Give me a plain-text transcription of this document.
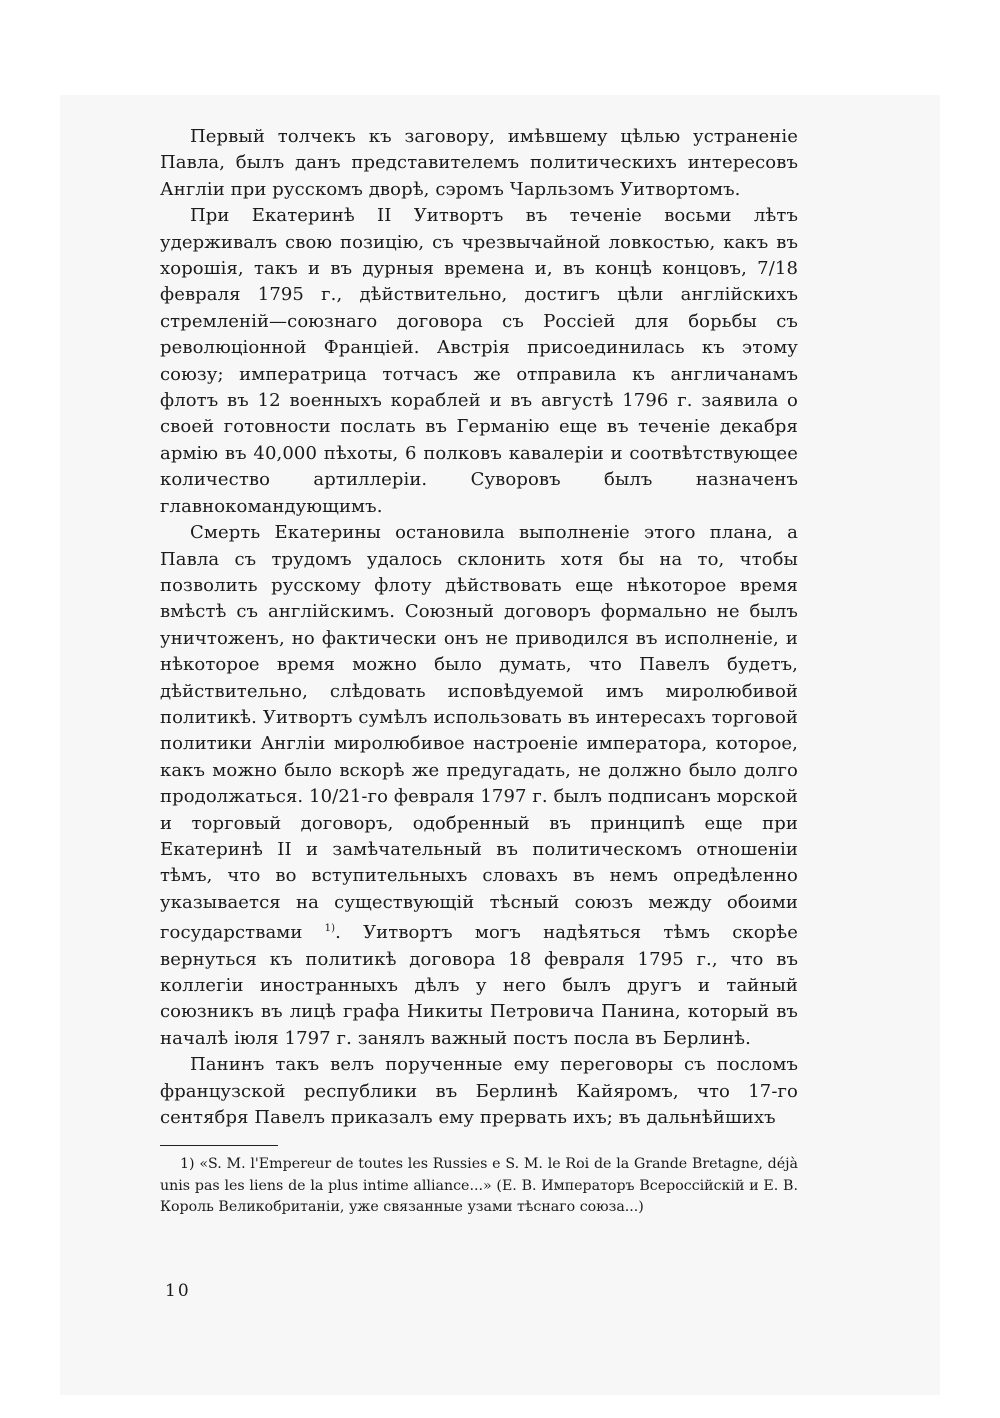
Первый толчекъ къ заговору, имѣвшему цѣлью устраненіе Павла, былъ данъ представителемъ политическихъ интересовъ Англіи при русскомъ дворѣ, сэромъ Чарльзомъ Уитвортомъ.

При Екатеринѣ II Уитвортъ въ теченіе восьми лѣтъ удерживалъ свою позицію, съ чрезвычайной ловкостью, какъ въ хорошія, такъ и въ дурныя времена и, въ концѣ концовъ, 7/18 февраля 1795 г., дѣйствительно, достигъ цѣли англійскихъ стремленій—союзнаго договора съ Россіей для борьбы съ революціонной Франціей. Австрія присоединилась къ этому союзу; императрица тотчасъ же отправила къ англичанамъ флотъ въ 12 военныхъ кораблей и въ августѣ 1796 г. заявила о своей готовности послать въ Германію еще въ теченіе декабря армію въ 40,000 пѣхоты, 6 полковъ кавалеріи и соотвѣтствующее количество артиллеріи. Суворовъ былъ назначенъ главнокомандующимъ.

Смерть Екатерины остановила выполненіе этого плана, а Павла съ трудомъ удалось склонить хотя бы на то, чтобы позволить русскому флоту дѣйствовать еще нѣкоторое время вмѣстѣ съ англійскимъ. Союзный договоръ формально не былъ уничтоженъ, но фактически онъ не приводился въ исполненіе, и нѣкоторое время можно было думать, что Павелъ будетъ, дѣйствительно, слѣдовать исповѣдуемой имъ миролюбивой политикѣ. Уитвортъ сумѣлъ использовать въ интересахъ торговой политики Англіи миролюбивое настроеніе императора, которое, какъ можно было вскорѣ же предугадать, не должно было долго продолжаться. 10/21-го февраля 1797 г. былъ подписанъ морской и торговый договоръ, одобренный въ принципѣ еще при Екатеринѣ II и замѣчательный въ политическомъ отношеніи тѣмъ, что во вступительныхъ словахъ въ немъ опредѣленно указывается на существующій тѣсный союзъ между обоими государствами $^{1)}$. Уитвортъ могъ надѣяться тѣмъ скорѣе вернуться къ политикѣ договора 18 февраля 1795 г., что въ коллегіи иностранныхъ дѣлъ у него былъ другъ и тайный союзникъ въ лицѣ графа Никиты Петровича Панина, который въ началѣ іюля 1797 г. занялъ важный постъ посла въ Берлинѣ.

Панинъ такъ велъ порученные ему переговоры съ посломъ французской республики въ Берлинѣ Кайяромъ, что 17-го сентября Павелъ приказалъ ему прервать ихъ; въ дальнѣйшихъ

1) «S. M. l'Empereur de toutes les Russies e S. M. le Roi de la Grande Bretagne, déjà unis pas les liens de la plus intime alliance...» (Е. В. Императоръ Всероссійскій и Е. В. Король Великобританіи, уже связанные узами тѣснаго союза...)

10
